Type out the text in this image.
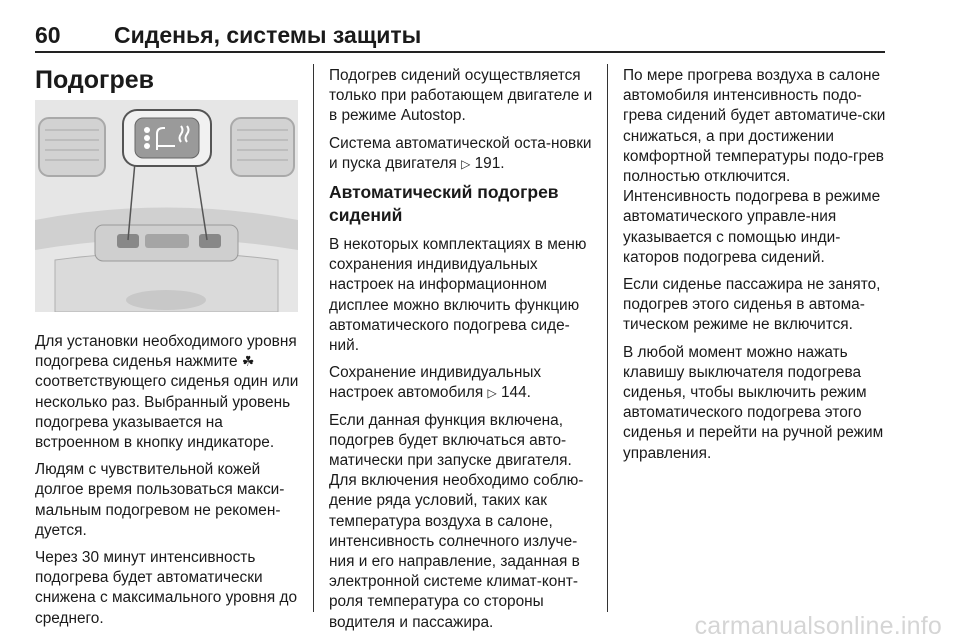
60 Сиденья, системы защиты
Подогрев

Для установки необходимого уровня подогрева сиденья нажмите ☘ соответствующего сиденья один или несколько раз. Выбранный уровень подогрева указывается на встроенном в кнопку индикаторе.

Людям с чувствительной кожей долгое время пользоваться макси-мальным подогревом не рекомен-дуется.

Через 30 минут интенсивность подогрева будет автоматически снижена с максимального уровня до среднего.

Подогрев сидений осуществляется только при работающем двигателе и в режиме Autostop.

Система автоматической оста-новки и пуска двигателя ▷ 191.

Автоматический подогрев сидений

В некоторых комплектациях в меню сохранения индивидуальных настроек на информационном дисплее можно включить функцию автоматического подогрева сиде-ний.

Сохранение индивидуальных настроек автомобиля ▷ 144.

Если данная функция включена, подогрев будет включаться авто-матически при запуске двигателя. Для включения необходимо соблю-дение ряда условий, таких как температура воздуха в салоне, интенсивность солнечного излуче-ния и его направление, заданная в электронной системе климат-конт-роля температура со стороны водителя и пассажира.

По мере прогрева воздуха в салоне автомобиля интенсивность подо-грева сидений будет автоматиче-ски снижаться, а при достижении комфортной температуры подо-грев полностью отключится. Интенсивность подогрева в режиме автоматического управле-ния указывается с помощью инди-каторов подогрева сидений.

Если сиденье пассажира не занято, подогрев этого сиденья в автома-тическом режиме не включится.

В любой момент можно нажать клавишу выключателя подогрева сиденья, чтобы выключить режим автоматического подогрева этого сиденья и перейти на ручной режим управления.

carmanualsonline.info
